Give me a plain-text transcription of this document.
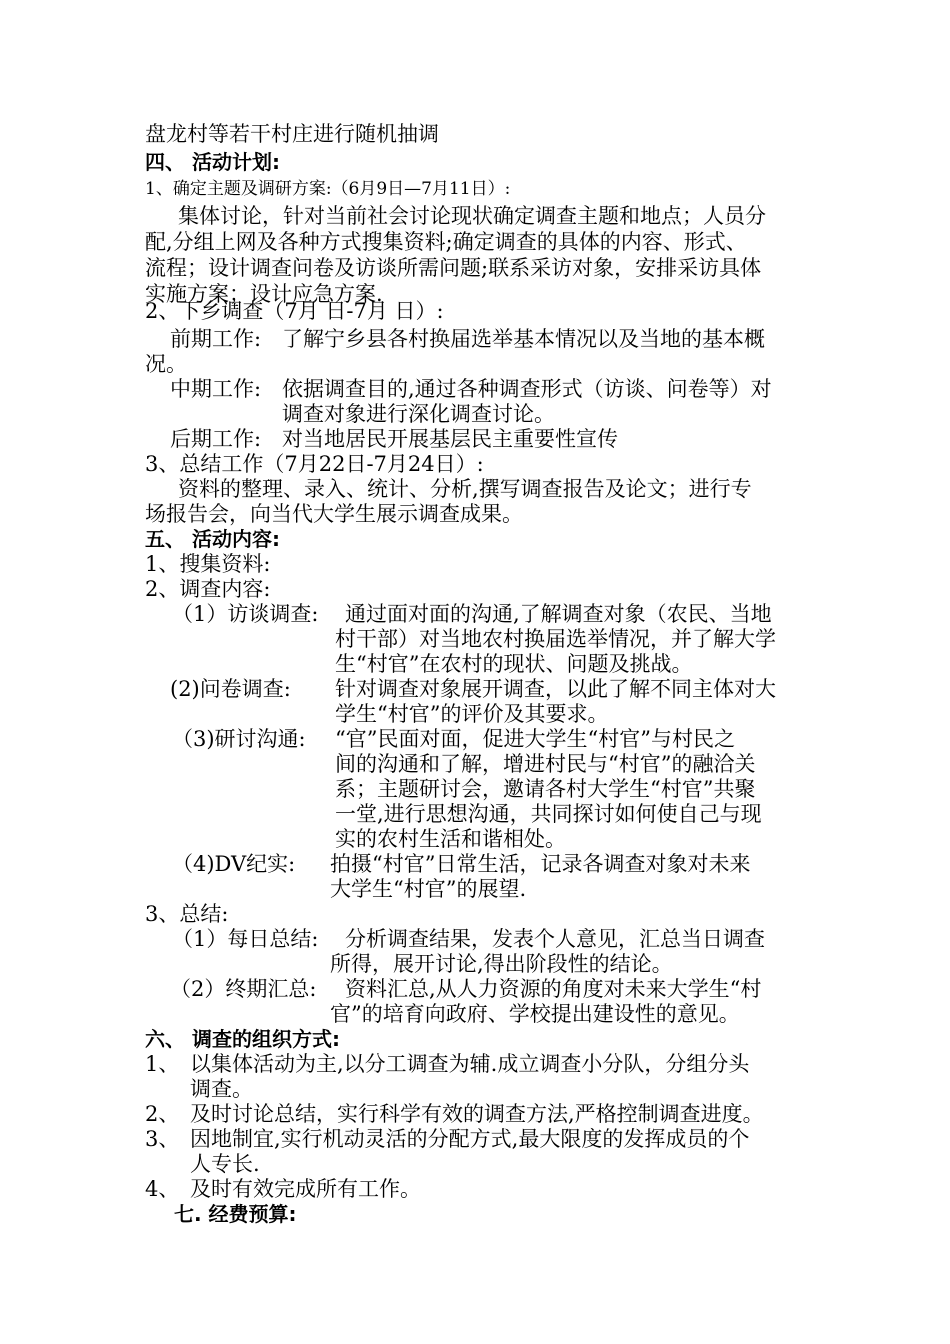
盘龙村等若干村庄进行随机抽调
四、 活动计划:
1、确定主题及调研方案:（6月9日—7月11日）:
集体讨论，针对当前社会讨论现状确定调查主题和地点；人员分
配,分组上网及各种方式搜集资料;确定调查的具体的内容、形式、
流程；设计调查问卷及访谈所需问题;联系采访对象，安排采访具体
实施方案；设计应急方案.
2、下乡调查（7月 日-7月 日）:
前期工作: 了解宁乡县各村换届选举基本情况以及当地的基本概
况。
中期工作: 依据调查目的,通过各种调查形式（访谈、问卷等）对
调查对象进行深化调查讨论。
后期工作: 对当地居民开展基层民主重要性宣传
3、总结工作（7月22日-7月24日）:
资料的整理、录入、统计、分析,撰写调查报告及论文；进行专
场报告会，向当代大学生展示调查成果。
五、 活动内容:
1、搜集资料:
2、调查内容:
（1）访谈调查: 通过面对面的沟通,了解调查对象（农民、当地
村干部）对当地农村换届选举情况，并了解大学
生“村官”在农村的现状、问题及挑战。
(2)问卷调查: 针对调查对象展开调查，以此了解不同主体对大
学生“村官”的评价及其要求。
（3)研讨沟通: “官”民面对面，促进大学生“村官”与村民之
间的沟通和了解，增进村民与“村官”的融洽关
系；主题研讨会，邀请各村大学生“村官”共聚
一堂,进行思想沟通，共同探讨如何使自己与现
实的农村生活和谐相处。
（4)DV纪实: 拍摄“村官”日常生活，记录各调查对象对未来
大学生“村官”的展望.
3、总结:
（1）每日总结: 分析调查结果，发表个人意见，汇总当日调查
所得，展开讨论,得出阶段性的结论。
（2）终期汇总: 资料汇总,从人力资源的角度对未来大学生“村
官”的培育向政府、学校提出建设性的意见。
六、 调查的组织方式:
1、 以集体活动为主,以分工调查为辅.成立调查小分队，分组分头
调查。
2、 及时讨论总结，实行科学有效的调查方法,严格控制调查进度。
3、 因地制宜,实行机动灵活的分配方式,最大限度的发挥成员的个
人专长.
4、 及时有效完成所有工作。
七. 经费预算:
